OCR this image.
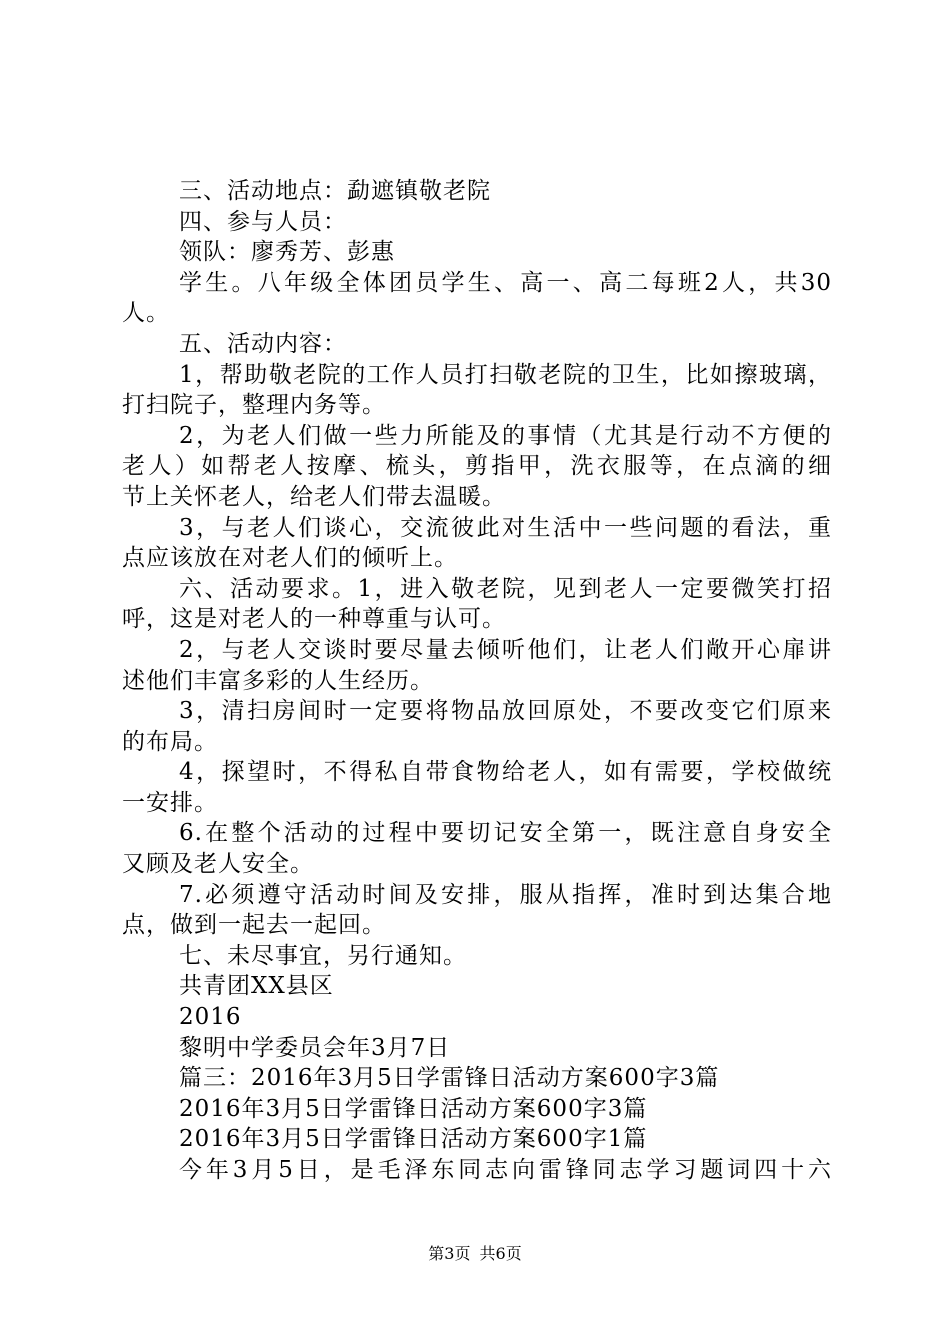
三、活动地点：勐遮镇敬老院
四、参与人员：
领队：廖秀芳、彭惠
学生。八年级全体团员学生、高一、高二每班2人，共30
人。
五、活动内容：
1，帮助敬老院的工作人员打扫敬老院的卫生，比如擦玻璃，
打扫院子，整理内务等。
2，为老人们做一些力所能及的事情（尤其是行动不方便的
老人）如帮老人按摩、梳头，剪指甲，洗衣服等，在点滴的细
节上关怀老人，给老人们带去温暖。
3，与老人们谈心，交流彼此对生活中一些问题的看法，重
点应该放在对老人们的倾听上。
六、活动要求。1，进入敬老院，见到老人一定要微笑打招
呼，这是对老人的一种尊重与认可。
2，与老人交谈时要尽量去倾听他们，让老人们敞开心扉讲
述他们丰富多彩的人生经历。
3，清扫房间时一定要将物品放回原处，不要改变它们原来
的布局。
4，探望时，不得私自带食物给老人，如有需要，学校做统
一安排。
6.在整个活动的过程中要切记安全第一，既注意自身安全
又顾及老人安全。
7.必须遵守活动时间及安排，服从指挥，准时到达集合地
点，做到一起去一起回。
七、未尽事宜，另行通知。
共青团XX县区
2016
黎明中学委员会年3月7日
篇三：2016年3月5日学雷锋日活动方案600字3篇
2016年3月5日学雷锋日活动方案600字3篇
2016年3月5日学雷锋日活动方案600字1篇
今年3月5日，是毛泽东同志向雷锋同志学习题词四十六
第3页 共6页
